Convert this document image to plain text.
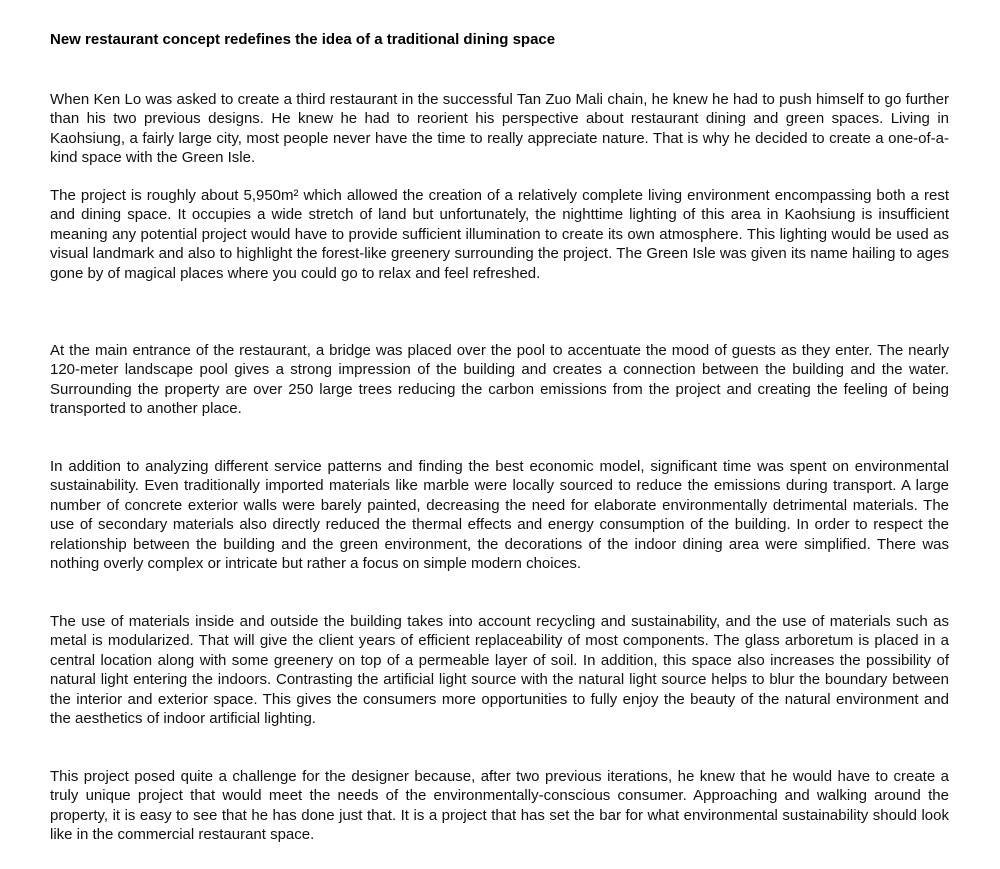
New restaurant concept redefines the idea of a traditional dining space

When Ken Lo was asked to create a third restaurant in the successful Tan Zuo Mali chain, he knew he had to push himself to go further than his two previous designs. He knew he had to reorient his perspective about restaurant dining and green spaces. Living in Kaohsiung, a fairly large city, most people never have the time to really appreciate nature. That is why he decided to create a one-of-a-kind space with the Green Isle.

The project is roughly about 5,950m² which allowed the creation of a relatively complete living environment encompassing both a rest and dining space. It occupies a wide stretch of land but unfortunately, the nighttime lighting of this area in Kaohsiung is insufficient meaning any potential project would have to provide sufficient illumination to create its own atmosphere. This lighting would be used as visual landmark and also to highlight the forest-like greenery surrounding the project. The Green Isle was given its name hailing to ages gone by of magical places where you could go to relax and feel refreshed.

At the main entrance of the restaurant, a bridge was placed over the pool to accentuate the mood of guests as they enter. The nearly 120-meter landscape pool gives a strong impression of the building and creates a connection between the building and the water. Surrounding the property are over 250 large trees reducing the carbon emissions from the project and creating the feeling of being transported to another place.

In addition to analyzing different service patterns and finding the best economic model, significant time was spent on environmental sustainability. Even traditionally imported materials like marble were locally sourced to reduce the emissions during transport. A large number of concrete exterior walls were barely painted, decreasing the need for elaborate environmentally detrimental materials. The use of secondary materials also directly reduced the thermal effects and energy consumption of the building. In order to respect the relationship between the building and the green environment, the decorations of the indoor dining area were simplified. There was nothing overly complex or intricate but rather a focus on simple modern choices.

The use of materials inside and outside the building takes into account recycling and sustainability, and the use of materials such as metal is modularized. That will give the client years of efficient replaceability of most components. The glass arboretum is placed in a central location along with some greenery on top of a permeable layer of soil. In addition, this space also increases the possibility of natural light entering the indoors. Contrasting the artificial light source with the natural light source helps to blur the boundary between the interior and exterior space. This gives the consumers more opportunities to fully enjoy the beauty of the natural environment and the aesthetics of indoor artificial lighting.

This project posed quite a challenge for the designer because, after two previous iterations, he knew that he would have to create a truly unique project that would meet the needs of the environmentally-conscious consumer. Approaching and walking around the property, it is easy to see that he has done just that. It is a project that has set the bar for what environmental sustainability should look like in the commercial restaurant space.
